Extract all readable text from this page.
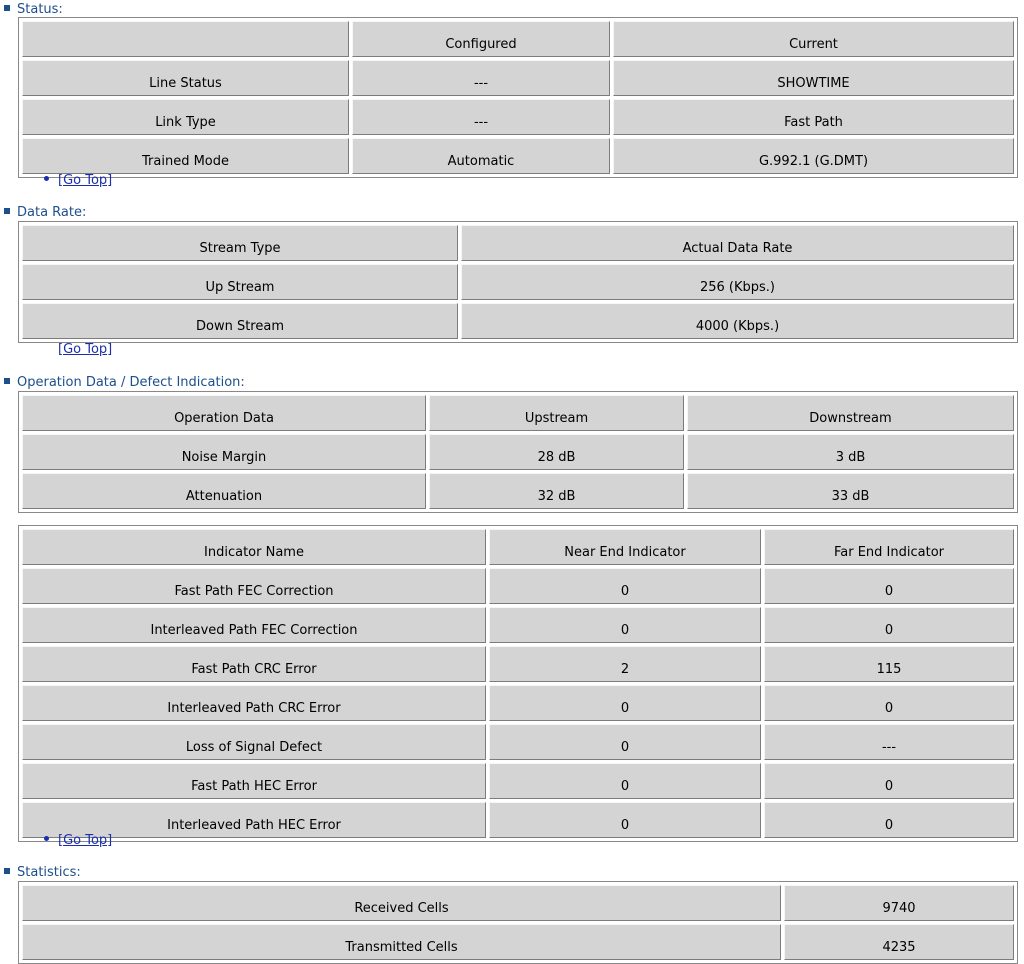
Status:
	Configured	Current
Line Status	---	SHOWTIME
Link Type	---	Fast Path
Trained Mode	Automatic	G.992.1 (G.DMT)
[Go Top]
Data Rate:
Stream Type	Actual Data Rate
Up Stream	256 (Kbps.)
Down Stream	4000 (Kbps.)
[Go Top]
Operation Data / Defect Indication:
Operation Data	Upstream	Downstream
Noise Margin	28 dB	3 dB
Attenuation	32 dB	33 dB
Indicator Name	Near End Indicator	Far End Indicator
Fast Path FEC Correction	0	0
Interleaved Path FEC Correction	0	0
Fast Path CRC Error	2	115
Interleaved Path CRC Error	0	0
Loss of Signal Defect	0	---
Fast Path HEC Error	0	0
Interleaved Path HEC Error	0	0
[Go Top]
Statistics:
Received Cells	9740
Transmitted Cells	4235
